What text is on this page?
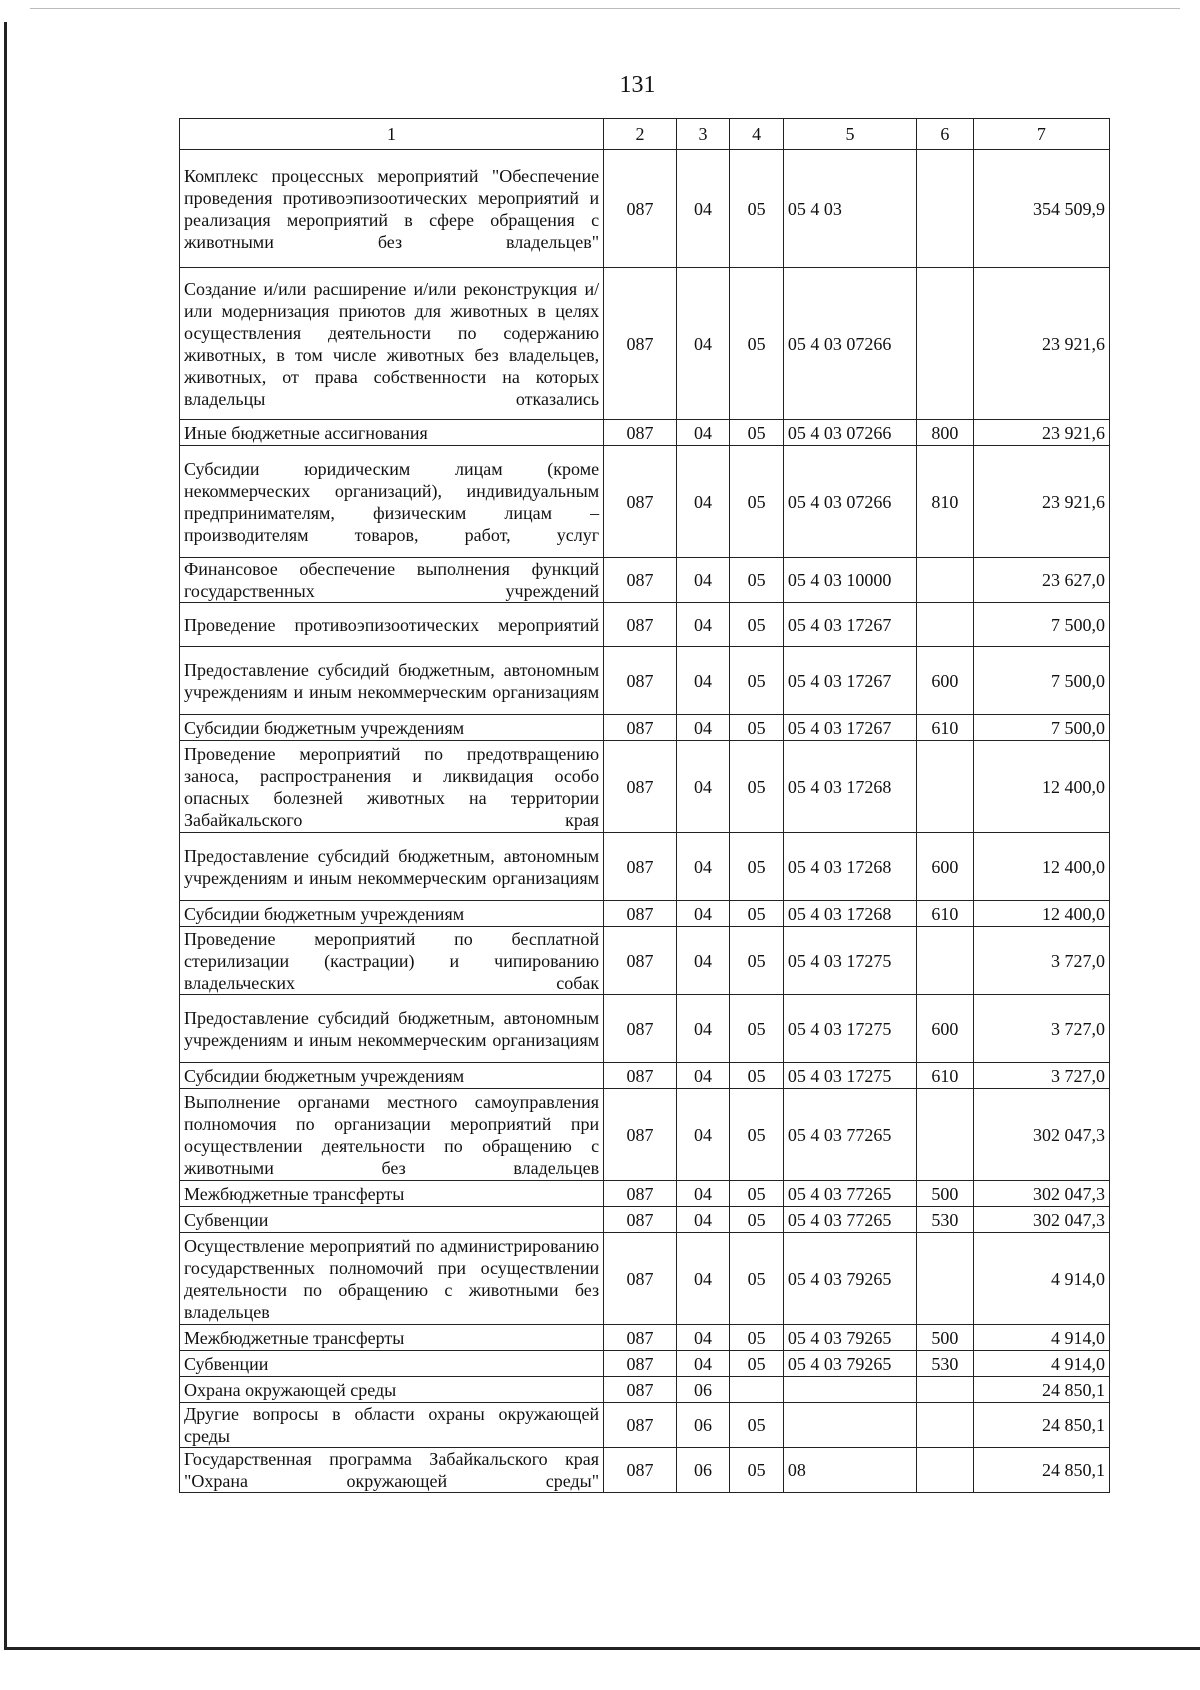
131
1	2	3	4	5	6	7
Комплекс процессных мероприятий "Обеспечение проведения противоэпизоотических мероприятий и реализация мероприятий в сфере обращения с животными без владельцев"	087	04	05	05 4 03		354 509,9
Создание и/или расширение и/или реконструкция и/или модернизация приютов для животных в целях осуществления деятельности по содержанию животных, в том числе животных без владельцев, животных, от права собственности на которых владельцы отказались	087	04	05	05 4 03 07266		23 921,6
Иные бюджетные ассигнования	087	04	05	05 4 03 07266	800	23 921,6
Субсидии юридическим лицам (кроме некоммерческих организаций), индивидуальным предпринимателям, физическим лицам – производителям товаров, работ, услуг	087	04	05	05 4 03 07266	810	23 921,6
Финансовое обеспечение выполнения функций государственных учреждений	087	04	05	05 4 03 10000		23 627,0
Проведение противоэпизоотических мероприятий	087	04	05	05 4 03 17267		7 500,0
Предоставление субсидий бюджетным, автономным учреждениям и иным некоммерческим организациям	087	04	05	05 4 03 17267	600	7 500,0
Субсидии бюджетным учреждениям	087	04	05	05 4 03 17267	610	7 500,0
Проведение мероприятий по предотвращению заноса, распространения и ликвидация особо опасных болезней животных на территории Забайкальского края	087	04	05	05 4 03 17268		12 400,0
Предоставление субсидий бюджетным, автономным учреждениям и иным некоммерческим организациям	087	04	05	05 4 03 17268	600	12 400,0
Субсидии бюджетным учреждениям	087	04	05	05 4 03 17268	610	12 400,0
Проведение мероприятий по бесплатной стерилизации (кастрации) и чипированию владельческих собак	087	04	05	05 4 03 17275		3 727,0
Предоставление субсидий бюджетным, автономным учреждениям и иным некоммерческим организациям	087	04	05	05 4 03 17275	600	3 727,0
Субсидии бюджетным учреждениям	087	04	05	05 4 03 17275	610	3 727,0
Выполнение органами местного самоуправления полномочия по организации мероприятий при осуществлении деятельности по обращению с животными без владельцев	087	04	05	05 4 03 77265		302 047,3
Межбюджетные трансферты	087	04	05	05 4 03 77265	500	302 047,3
Субвенции	087	04	05	05 4 03 77265	530	302 047,3
Осуществление мероприятий по администрированию государственных полномочий при осуществлении деятельности по обращению с животными без владельцев	087	04	05	05 4 03 79265		4 914,0
Межбюджетные трансферты	087	04	05	05 4 03 79265	500	4 914,0
Субвенции	087	04	05	05 4 03 79265	530	4 914,0
Охрана окружающей среды	087	06				24 850,1
Другие вопросы в области охраны окружающей среды	087	06	05			24 850,1
Государственная программа Забайкальского края "Охрана окружающей среды"	087	06	05	08		24 850,1
